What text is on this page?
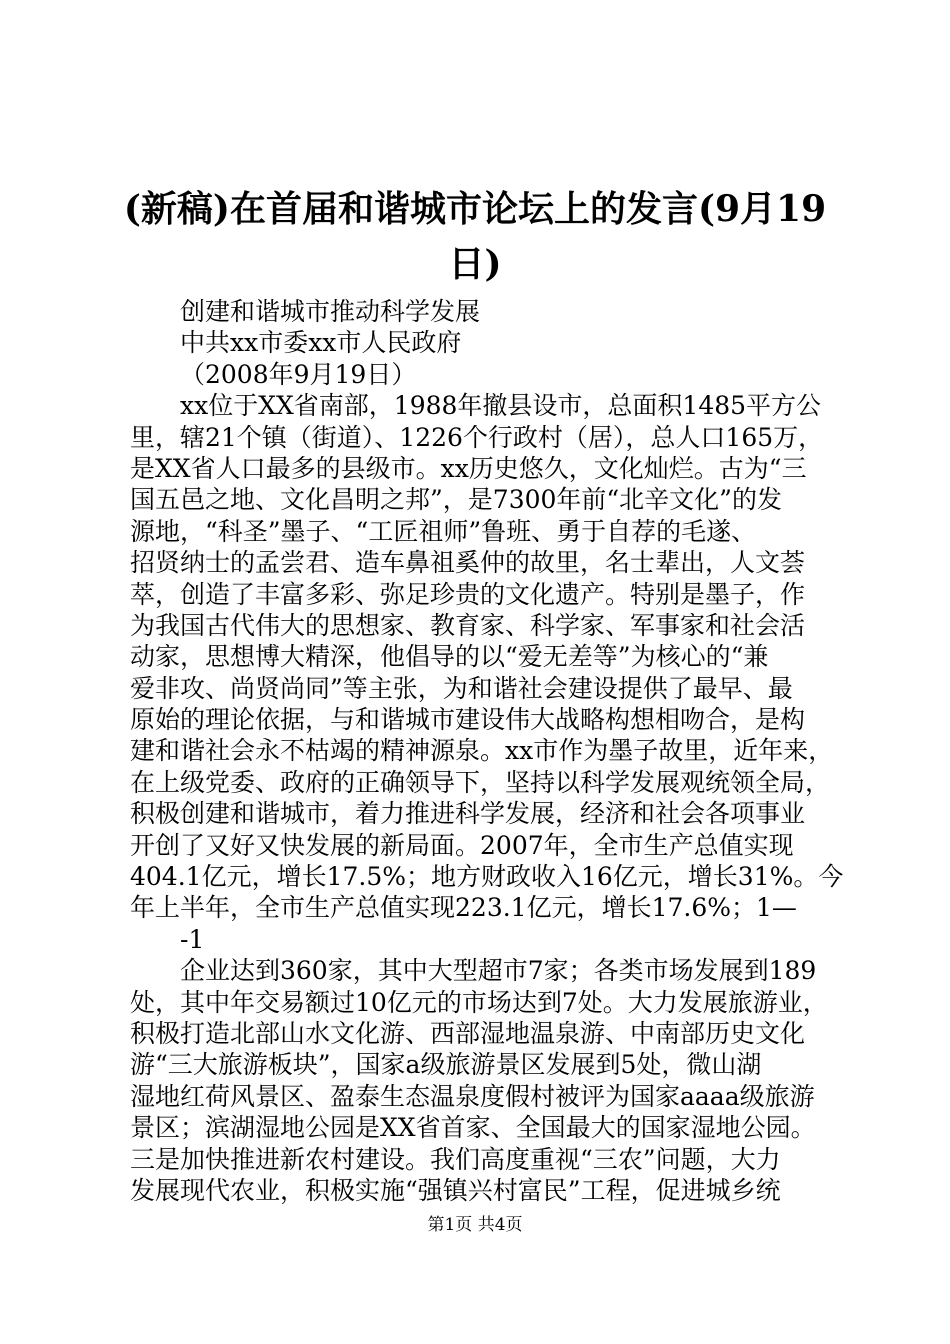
(新稿)在首届和谐城市论坛上的发言(9月19
日)
创建和谐城市推动科学发展
中共xx市委xx市人民政府
（2008年9月19日）
xx位于XX省南部，1988年撤县设市，总面积1485平方公
里，辖21个镇（街道）、1226个行政村（居），总人口165万，
是XX省人口最多的县级市。xx历史悠久，文化灿烂。古为“三
国五邑之地、文化昌明之邦”，是7300年前“北辛文化”的发
源地，“科圣”墨子、“工匠祖师”鲁班、勇于自荐的毛遂、
招贤纳士的孟尝君、造车鼻祖奚仲的故里，名士辈出，人文荟
萃，创造了丰富多彩、弥足珍贵的文化遗产。特别是墨子，作
为我国古代伟大的思想家、教育家、科学家、军事家和社会活
动家，思想博大精深，他倡导的以“爱无差等”为核心的“兼
爱非攻、尚贤尚同”等主张，为和谐社会建设提供了最早、最
原始的理论依据，与和谐城市建设伟大战略构想相吻合，是构
建和谐社会永不枯竭的精神源泉。xx市作为墨子故里，近年来，
在上级党委、政府的正确领导下，坚持以科学发展观统领全局，
积极创建和谐城市，着力推进科学发展，经济和社会各项事业
开创了又好又快发展的新局面。2007年，全市生产总值实现
404.1亿元，增长17.5%；地方财政收入16亿元，增长31%。今
年上半年，全市生产总值实现223.1亿元，增长17.6%；1—
-1
企业达到360家，其中大型超市7家；各类市场发展到189
处，其中年交易额过10亿元的市场达到7处。大力发展旅游业，
积极打造北部山水文化游、西部湿地温泉游、中南部历史文化
游“三大旅游板块”，国家a级旅游景区发展到5处，微山湖
湿地红荷风景区、盈泰生态温泉度假村被评为国家aaaa级旅游
景区；滨湖湿地公园是XX省首家、全国最大的国家湿地公园。
三是加快推进新农村建设。我们高度重视“三农”问题，大力
发展现代农业，积极实施“强镇兴村富民”工程，促进城乡统
第1页 共4页
